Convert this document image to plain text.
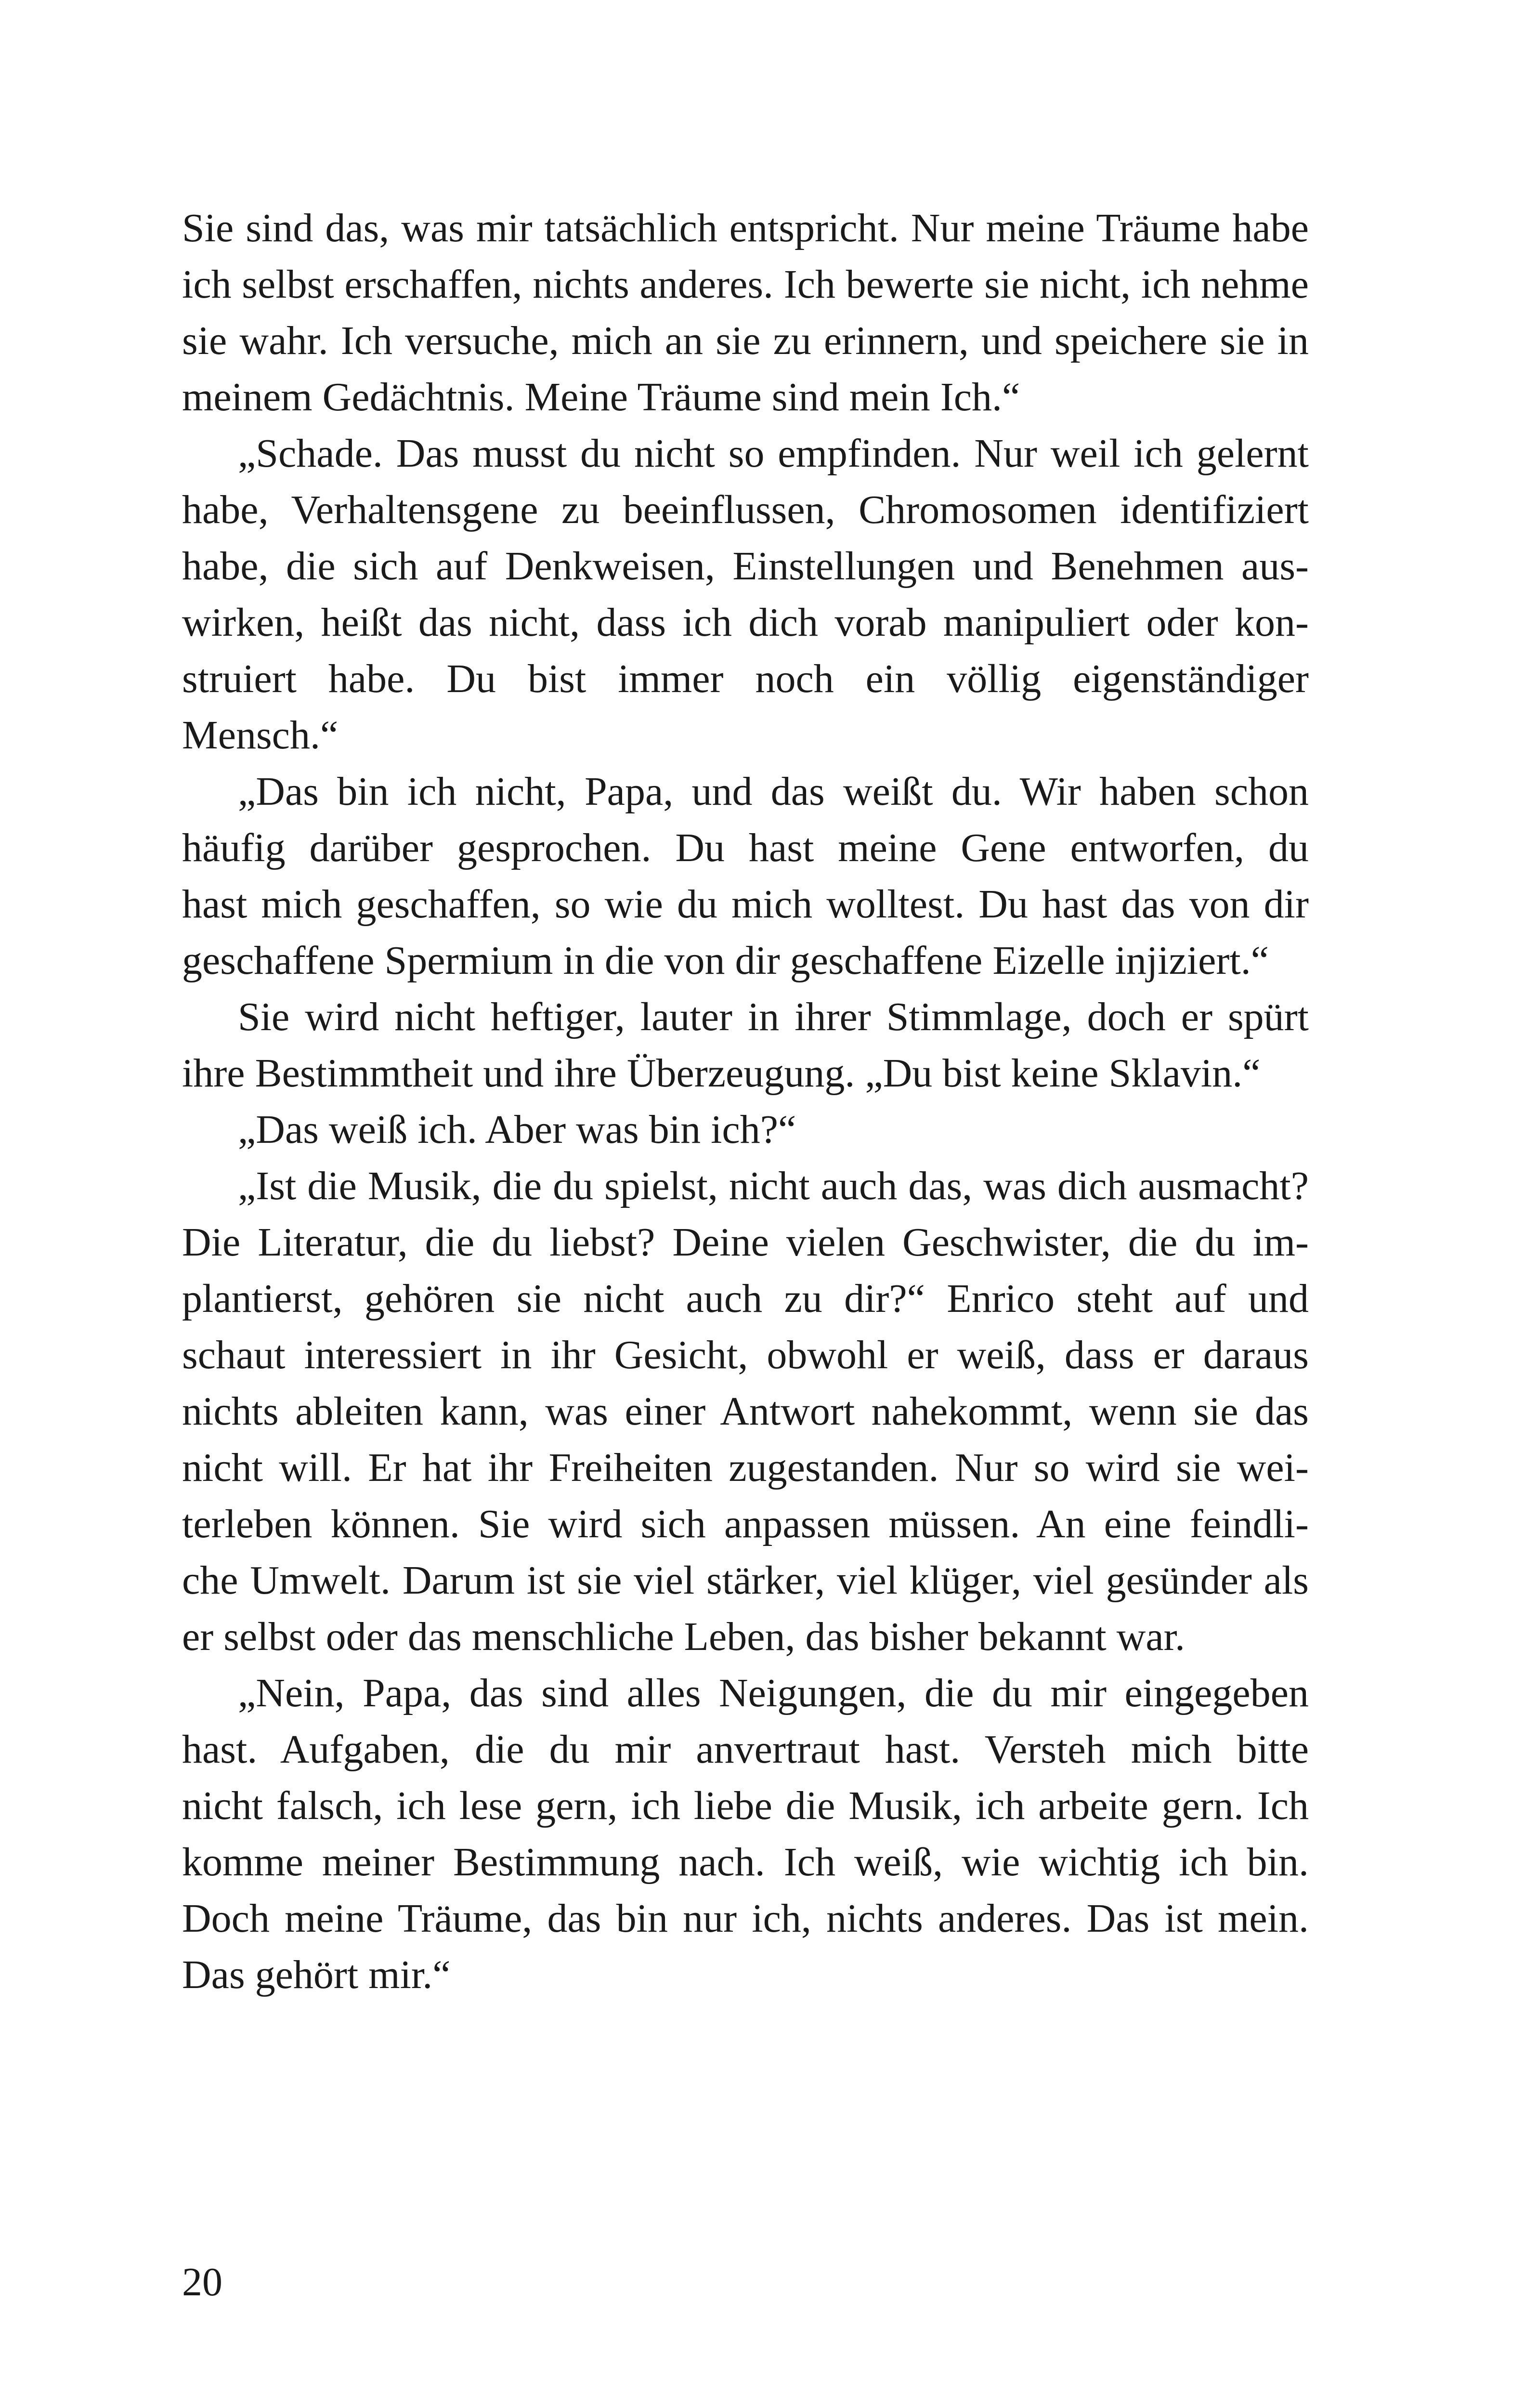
Sie sind das, was mir tatsächlich entspricht. Nur meine Träume habe
ich selbst erschaffen, nichts anderes. Ich bewerte sie nicht, ich nehme
sie wahr. Ich versuche, mich an sie zu erinnern, und speichere sie in
meinem Gedächtnis. Meine Träume sind mein Ich.“
„Schade. Das musst du nicht so empfinden. Nur weil ich gelernt
habe, Verhaltensgene zu beeinflussen, Chromosomen identifiziert
habe, die sich auf Denkweisen, Einstellungen und Benehmen aus-
wirken, heißt das nicht, dass ich dich vorab manipuliert oder kon-
struiert habe. Du bist immer noch ein völlig eigenständiger
Mensch.“
„Das bin ich nicht, Papa, und das weißt du. Wir haben schon
häufig darüber gesprochen. Du hast meine Gene entworfen, du
hast mich geschaffen, so wie du mich wolltest. Du hast das von dir
geschaffene Spermium in die von dir geschaffene Eizelle injiziert.“
Sie wird nicht heftiger, lauter in ihrer Stimmlage, doch er spürt
ihre Bestimmtheit und ihre Überzeugung. „Du bist keine Sklavin.“
„Das weiß ich. Aber was bin ich?“
„Ist die Musik, die du spielst, nicht auch das, was dich ausmacht?
Die Literatur, die du liebst? Deine vielen Geschwister, die du im-
plantierst, gehören sie nicht auch zu dir?“ Enrico steht auf und
schaut interessiert in ihr Gesicht, obwohl er weiß, dass er daraus
nichts ableiten kann, was einer Antwort nahekommt, wenn sie das
nicht will. Er hat ihr Freiheiten zugestanden. Nur so wird sie wei-
terleben können. Sie wird sich anpassen müssen. An eine feindli-
che Umwelt. Darum ist sie viel stärker, viel klüger, viel gesünder als
er selbst oder das menschliche Leben, das bisher bekannt war.
„Nein, Papa, das sind alles Neigungen, die du mir eingegeben
hast. Aufgaben, die du mir anvertraut hast. Versteh mich bitte
nicht falsch, ich lese gern, ich liebe die Musik, ich arbeite gern. Ich
komme meiner Bestimmung nach. Ich weiß, wie wichtig ich bin.
Doch meine Träume, das bin nur ich, nichts anderes. Das ist mein.
Das gehört mir.“
20
